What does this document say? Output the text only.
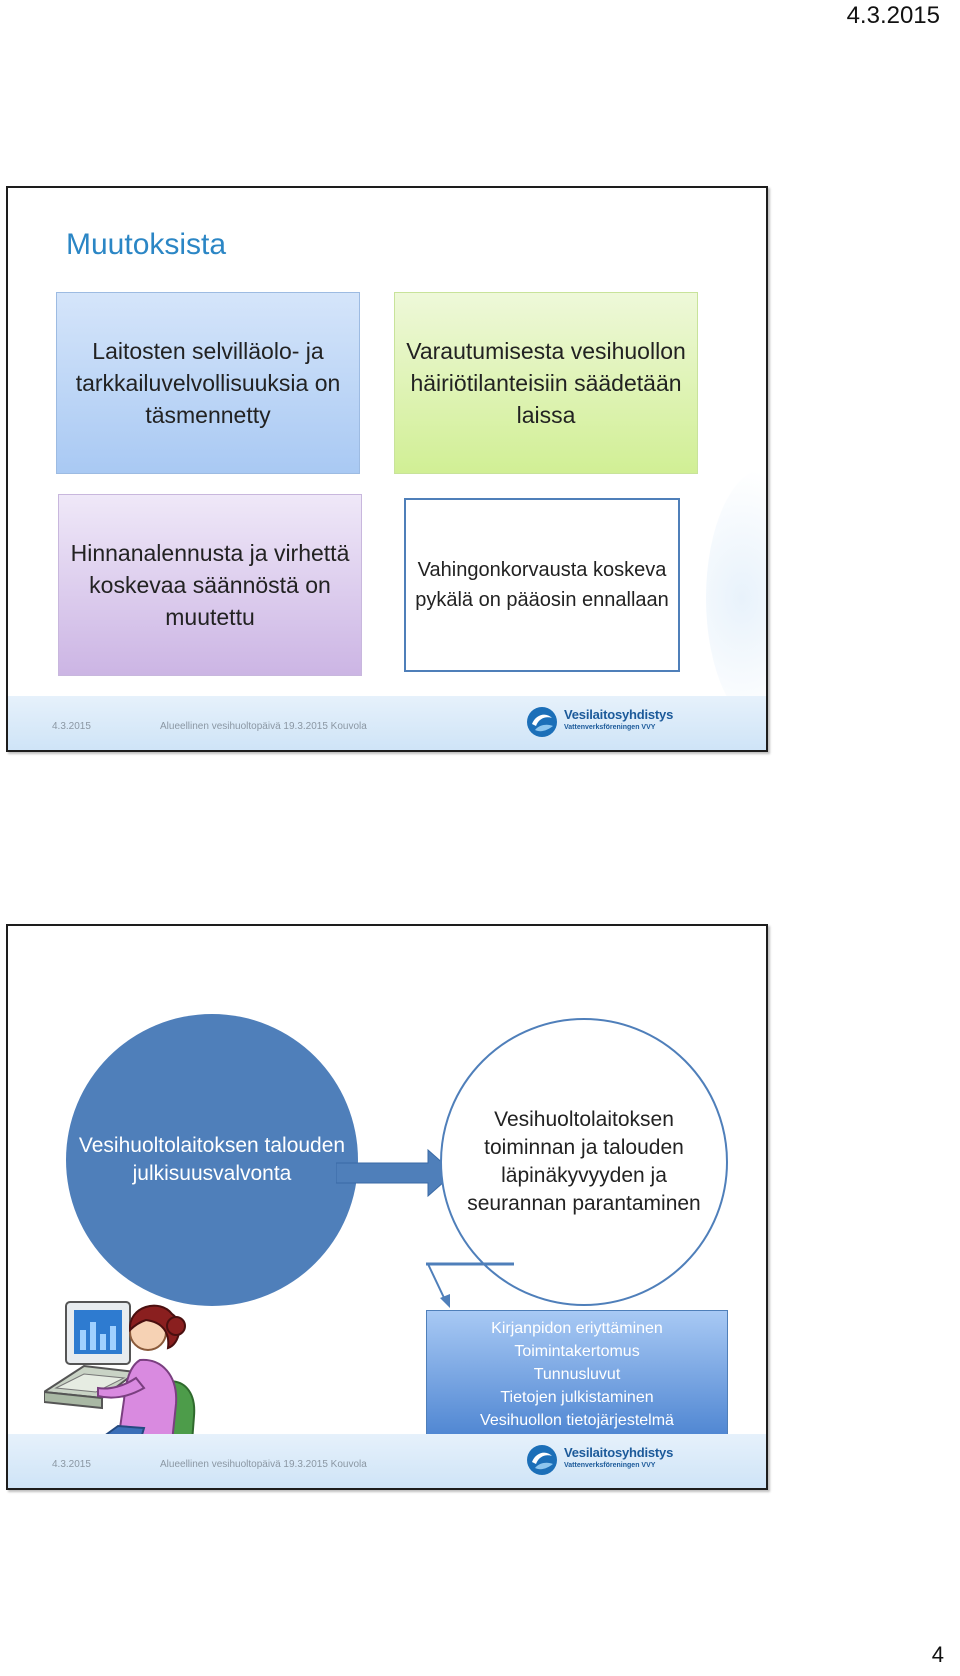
4.3.2015
Muutoksista
Laitosten selvilläolo- ja tarkkailuvelvollisuuksia on täsmennetty
Varautumisesta vesihuollon häiriötilanteisiin säädetään laissa
Hinnanalennusta ja virhettä koskevaa säännöstä on muutettu
Vahingonkorvausta koskeva pykälä on pääosin ennallaan
4.3.2015	Alueellinen vesihuoltopäivä 19.3.2015 Kouvola
Vesilaitosyhdistys
Vattenverksföreningen VVY
Vesihuoltolaitoksen talouden julkisuusvalvonta
Vesihuoltolaitoksen toiminnan ja talouden läpinäkyvyyden ja seurannan parantaminen
Kirjanpidon eriyttäminen
Toimintakertomus
Tunnusluvut
Tietojen julkistaminen
Vesihuollon tietojärjestelmä
4.3.2015	Alueellinen vesihuoltopäivä 19.3.2015 Kouvola
Vesilaitosyhdistys
Vattenverksföreningen VVY
4
